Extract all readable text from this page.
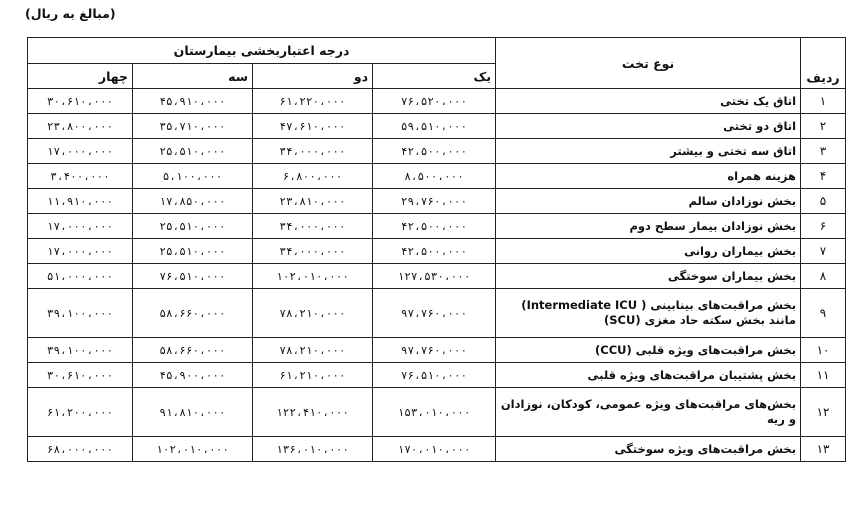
(مبالغ به ریال)
ردیف	نوع تخت	درجه اعتباربخشی بیمارستان			
		یک	دو	سه	چهار
۱	اتاق یک تختی	۷۶،۵۲۰،۰۰۰	۶۱،۲۲۰،۰۰۰	۴۵،۹۱۰،۰۰۰	۳۰،۶۱۰،۰۰۰
۲	اتاق دو تختی	۵۹،۵۱۰،۰۰۰	۴۷،۶۱۰،۰۰۰	۳۵،۷۱۰،۰۰۰	۲۳،۸۰۰،۰۰۰
۳	اتاق سه تختی و بیشتر	۴۲،۵۰۰،۰۰۰	۳۴،۰۰۰،۰۰۰	۲۵،۵۱۰،۰۰۰	۱۷،۰۰۰،۰۰۰
۴	هزینه همراه	۸،۵۰۰،۰۰۰	۶،۸۰۰،۰۰۰	۵،۱۰۰،۰۰۰	۳،۴۰۰،۰۰۰
۵	بخش نوزادان سالم	۲۹،۷۶۰،۰۰۰	۲۳،۸۱۰،۰۰۰	۱۷،۸۵۰،۰۰۰	۱۱،۹۱۰،۰۰۰
۶	بخش نوزادان بیمار سطح دوم	۴۲،۵۰۰،۰۰۰	۳۴،۰۰۰،۰۰۰	۲۵،۵۱۰،۰۰۰	۱۷،۰۰۰،۰۰۰
۷	بخش بیماران روانی	۴۲،۵۰۰،۰۰۰	۳۴،۰۰۰،۰۰۰	۲۵،۵۱۰،۰۰۰	۱۷،۰۰۰،۰۰۰
۸	بخش بیماران سوختگی	۱۲۷،۵۳۰،۰۰۰	۱۰۲،۰۱۰،۰۰۰	۷۶،۵۱۰،۰۰۰	۵۱،۰۰۰،۰۰۰
۹	بخش مراقبت‌های بینابینی ( Intermediate ICU) مانند بخش سکته حاد مغزی (SCU)	۹۷،۷۶۰،۰۰۰	۷۸،۲۱۰،۰۰۰	۵۸،۶۶۰،۰۰۰	۳۹،۱۰۰،۰۰۰
۱۰	بخش مراقبت‌های ویژه قلبی (CCU)	۹۷،۷۶۰،۰۰۰	۷۸،۲۱۰،۰۰۰	۵۸،۶۶۰،۰۰۰	۳۹،۱۰۰،۰۰۰
۱۱	بخش پشتیبان مراقبت‌های ویژه قلبی	۷۶،۵۱۰،۰۰۰	۶۱،۲۱۰،۰۰۰	۴۵،۹۰۰،۰۰۰	۳۰،۶۱۰،۰۰۰
۱۲	بخش‌های مراقبت‌های ویژه عمومی، کودکان، نوزادان و ریه	۱۵۳،۰۱۰،۰۰۰	۱۲۲،۴۱۰،۰۰۰	۹۱،۸۱۰،۰۰۰	۶۱،۲۰۰،۰۰۰
۱۳	بخش مراقبت‌های ویژه سوختگی	۱۷۰،۰۱۰،۰۰۰	۱۳۶،۰۱۰،۰۰۰	۱۰۲،۰۱۰،۰۰۰	۶۸،۰۰۰،۰۰۰
